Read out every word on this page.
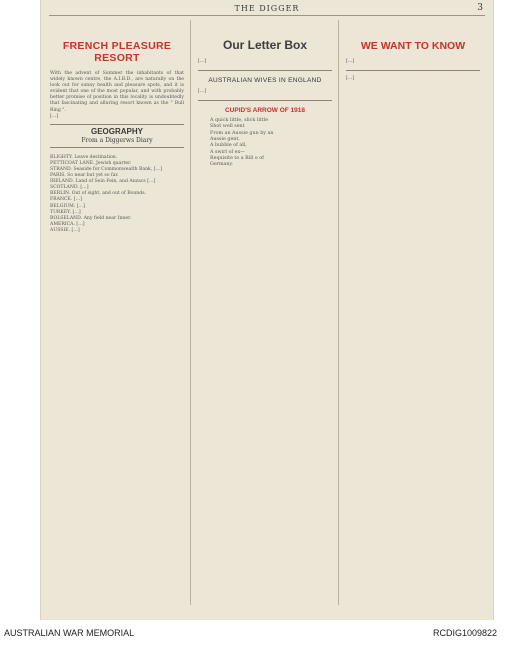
THE DIGGER	3
FRENCH PLEASURE RESORT

With the advent of Summer the inhabitants of that widely known centre, the A.I.B.D., are naturally on the look out for sunny health and pleasure spots, and it is evident that one of the most popular, and with probably better promise of position in this locality is undoubtedly that fascinating and alluring resort known as the " Bull Ring ".
[…]

GEOGRAPHY
From a Diggerws Diary

BLIGHTY. Leave destination.
PETTICOAT LANE. Jewish quarter.
STRAND. Seaside for Commonwealth Bank, […]
PARIS. So near but yet so far.
IRELAND. Land of Sein Fein, and Anzacs […]
SCOTLAND. […]
BERLIN. Out of sight, and out of Bounds.
FRANCE. […]
BELGIUM. […]
TURKEY. […]
BOLSELAND. Any field near Inner.
AMERICA. […]
AUSSIE. […]

Our Letter Box

[…]

AUSTRALIAN WIVES IN ENGLAND

[…]

CUPID'S ARROW OF 1918

A quick little, slick little
Shot well sent
From an Aussie gun by an
Aussie gent.
A bubble of all,
A swirl of ex—
Requisite to a Bill o of
Germany.

WE WANT TO KNOW

[…]

[…]

AUSTRALIAN WAR MEMORIAL	RCDIG1009822
